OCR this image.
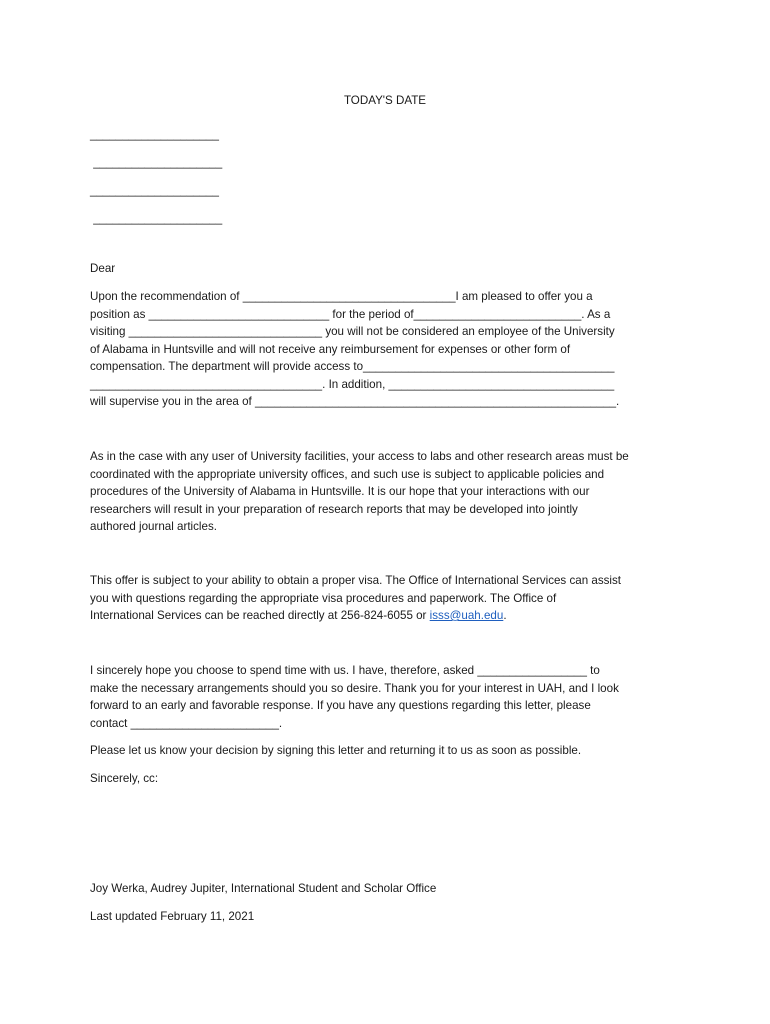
TODAY'S DATE
____________________
____________________
____________________
____________________
Dear
Upon the recommendation of _________________________________I am pleased to offer you a
position as ____________________________ for the period of__________________________. As a
visiting ______________________________ you will not be considered an employee of the University
of Alabama in Huntsville and will not receive any reimbursement for expenses or other form of
compensation. The department will provide access to_______________________________________
____________________________________. In addition, ___________________________________
will supervise you in the area of ________________________________________________________.
As in the case with any user of University facilities, your access to labs and other research areas must be
coordinated with the appropriate university offices, and such use is subject to applicable policies and
procedures of the University of Alabama in Huntsville. It is our hope that your interactions with our
researchers will result in your preparation of research reports that may be developed into jointly
authored journal articles.
This offer is subject to your ability to obtain a proper visa. The Office of International Services can assist
you with questions regarding the appropriate visa procedures and paperwork. The Office of
International Services can be reached directly at 256-824-6055 or isss@uah.edu.
I sincerely hope you choose to spend time with us. I have, therefore, asked _________________ to
make the necessary arrangements should you so desire. Thank you for your interest in UAH, and I look
forward to an early and favorable response. If you have any questions regarding this letter, please
contact _______________________.
Please let us know your decision by signing this letter and returning it to us as soon as possible.
Sincerely, cc:
Joy Werka, Audrey Jupiter, International Student and Scholar Office
Last updated February 11, 2021
